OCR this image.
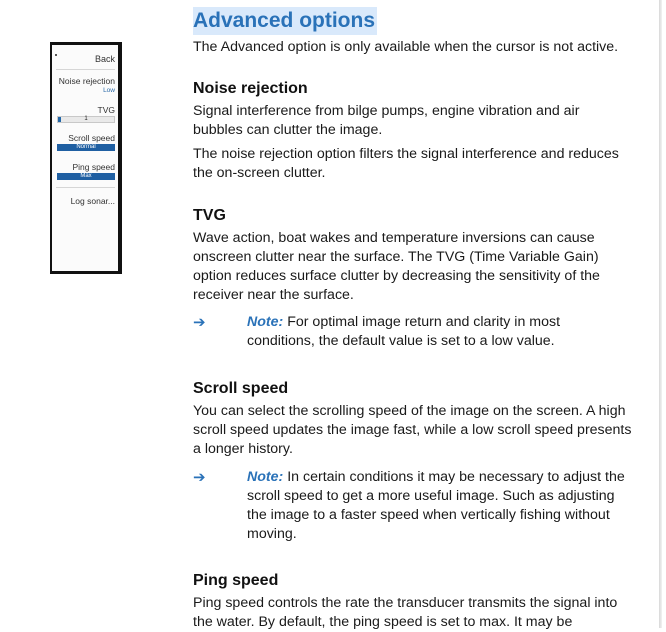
Back
Noise rejection
Low
TVG
1
Scroll speed
Normal
Ping speed
Max
Log sonar...
Advanced options

The Advanced option is only available when the cursor is not active.

Noise rejection

Signal interference from bilge pumps, engine vibration and air bubbles can clutter the image.

The noise rejection option filters the signal interference and reduces the on-screen clutter.

TVG

Wave action, boat wakes and temperature inversions can cause onscreen clutter near the surface. The TVG (Time Variable Gain) option reduces surface clutter by decreasing the sensitivity of the receiver near the surface.

➔	Note: For optimal image return and clarity in most conditions, the default value is set to a low value.

Scroll speed

You can select the scrolling speed of the image on the screen. A high scroll speed updates the image fast, while a low scroll speed presents a longer history.

➔	Note: In certain conditions it may be necessary to adjust the scroll speed to get a more useful image. Such as adjusting the image to a faster speed when vertically fishing without moving.

Ping speed

Ping speed controls the rate the transducer transmits the signal into the water. By default, the ping speed is set to max. It may be
